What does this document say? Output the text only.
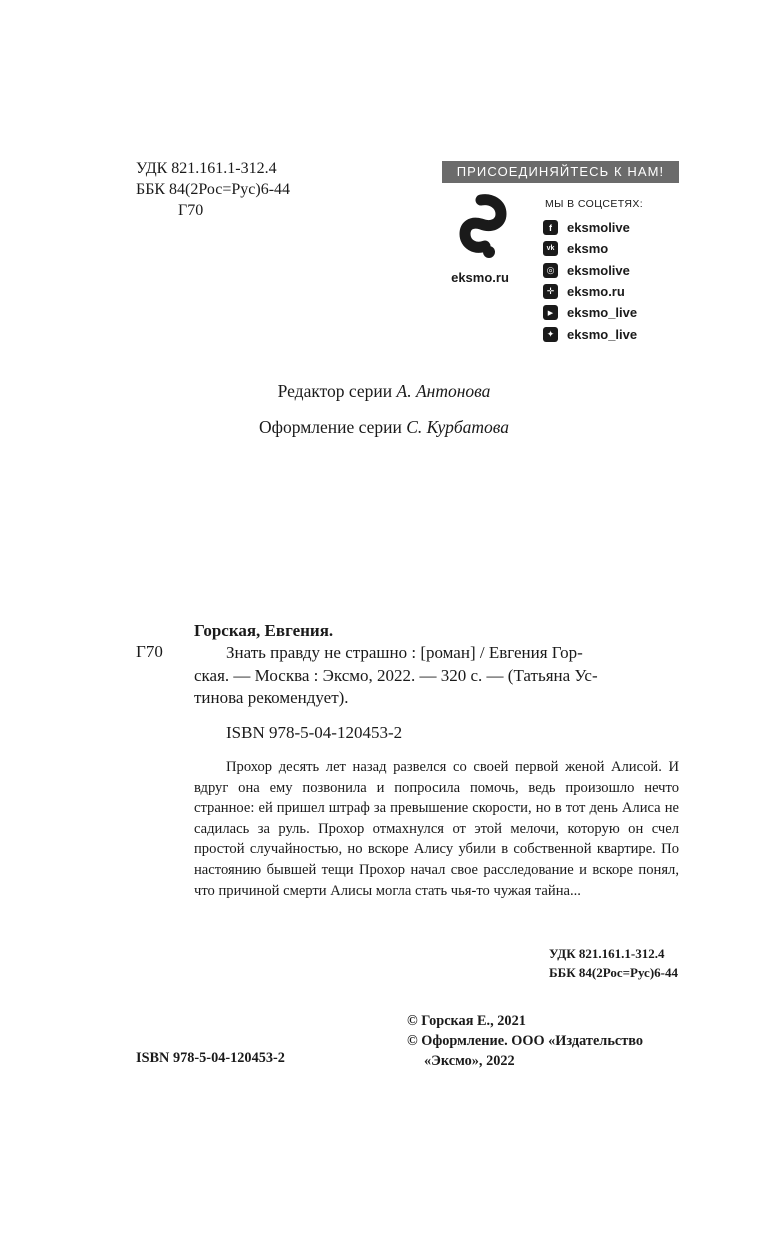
УДК 821.161.1-312.4
ББК 84(2Рос=Рус)6-44
Г70
ПРИСОЕДИНЯЙТЕСЬ К НАМ!
eksmo.ru
МЫ В СОЦСЕТЯХ:
f	eksmolive
vk eksmo
◎ eksmolive
✛ eksmo.ru
▶	eksmo_live
✦ eksmo_live
Редактор серии А. Антонова
Оформление серии С. Курбатова
Горская, Евгения.
Г70	Знать правду не страшно : [роман] / Евгения Гор-
ская. — Москва : Эксмо, 2022. — 320 с. — (Татьяна Ус-
тинова рекомендует).
ISBN 978-5-04-120453-2
Прохор десять лет назад развелся со своей первой женой Алисой. И вдруг она ему позвонила и попросила помочь, ведь произошло нечто странное: ей пришел штраф за превышение скорости, но в тот день Алиса не садилась за руль. Прохор отмахнулся от этой мелочи, которую он счел простой случайностью, но вскоре Алису убили в собственной квартире. По настоянию бывшей тещи Прохор начал свое расследование и вскоре понял, что причиной смерти Алисы могла стать чья-то чужая тайна...
УДК 821.161.1-312.4
ББК 84(2Рос=Рус)6-44
© Горская Е., 2021
© Оформление. ООО «Издательство
«Эксмо», 2022
ISBN 978-5-04-120453-2
